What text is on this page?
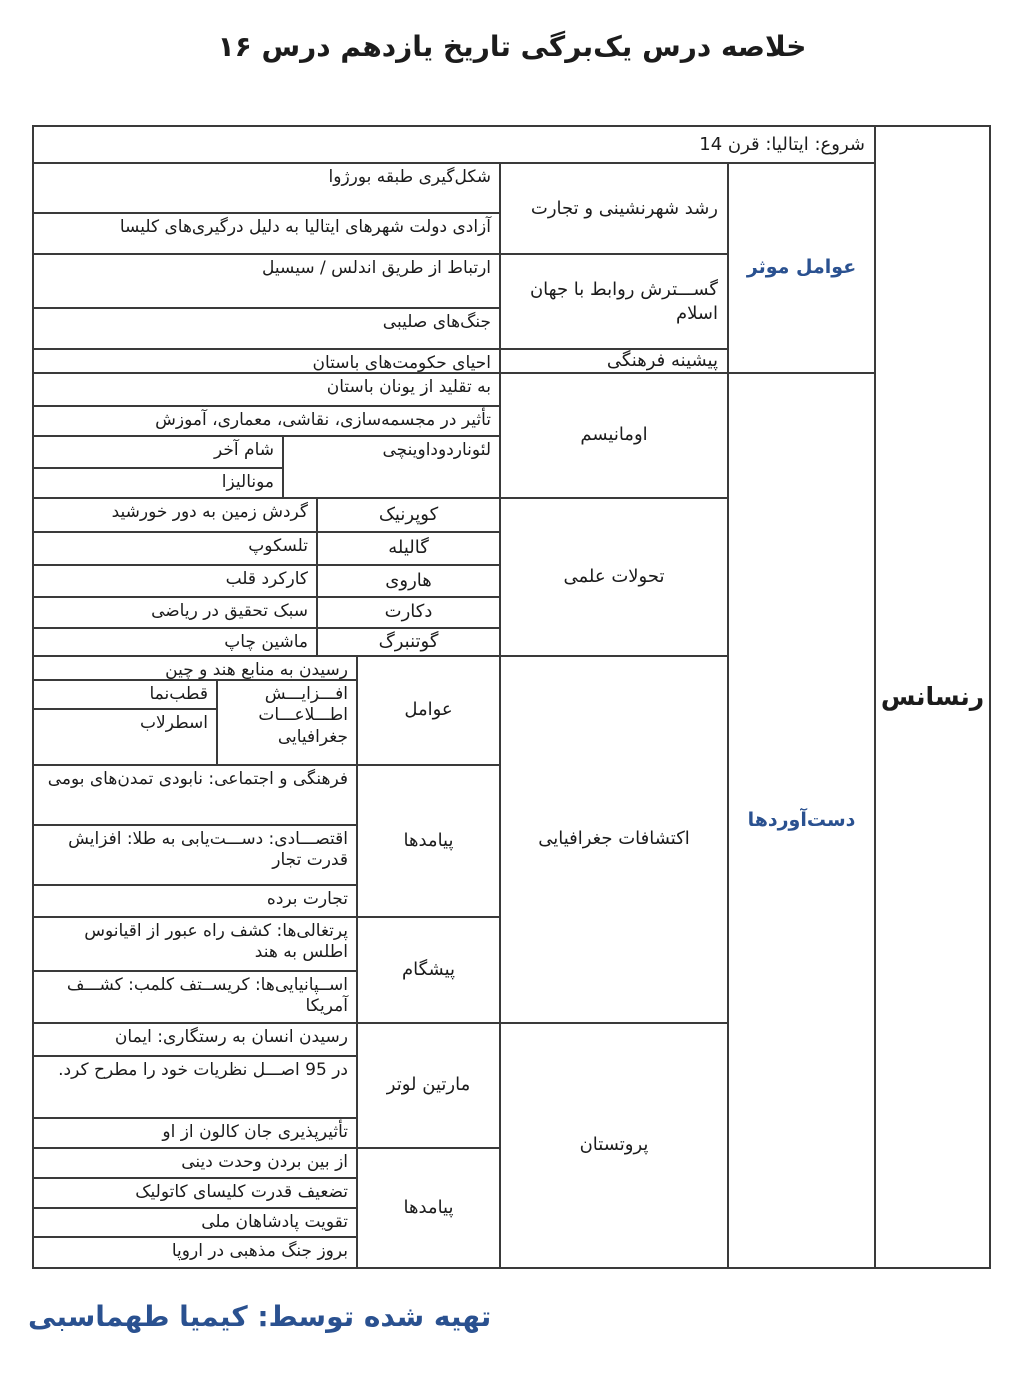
خلاصه درس یک‌برگی تاریخ یازدهم درس ۱۶
شروع: ایتالیا: قرن 14
رنسانس
عوامل موثر
دست‌آوردها
رشد شهرنشینی و تجارت
گســـترش روابط با جهان اسلام
پیشینه فرهنگی
اومانیسم
تحولات علمی
اکتشافات جغرافیایی
پروتستان
شکل‌گیری طبقه بورژوا
آزادی دولت شهرهای ایتالیا به دلیل درگیری‌های کلیسا
ارتباط از طریق اندلس / سیسیل
جنگ‌های صلیبی
احیای حکومت‌های باستان
به تقلید از یونان باستان
تأثیر در مجسمه‌سازی، نقاشی، معماری، آموزش
لئوناردوداوینچی
شام آخر
مونالیزا
کوپرنیک
گردش زمین به دور خورشید
گالیله
تلسکوپ
هاروی
کارکرد قلب
دکارت
سبک تحقیق در ریاضی
گوتنبرگ
ماشین چاپ
عوامل
رسیدن به منابع هند و چین
افـــزایـــش اطـــلاعـــات جغرافیایی
قطب‌نما
اسطرلاب
پیامدها
فرهنگی و اجتماعی: نابودی تمدن‌های بومی
اقتصـــادی: دســـت‌یابی به طلا: افزایش قدرت تجار
تجارت برده
پیشگام
پرتغالی‌ها: کشف راه عبور از اقیانوس اطلس به هند
اســپانیایی‌ها: کریســتف کلمب: کشـــف آمریکا
مارتین لوتر
رسیدن انسان به رستگاری: ایمان
در 95 اصـــل نظریات خود را مطرح کرد.
تأثیرپذیری جان کالون از او
پیامدها
از بین بردن وحدت دینی
تضعیف قدرت کلیسای کاتولیک
تقویت پادشاهان ملی
بروز جنگ مذهبی در اروپا
تهیه شده توسط: کیمیا طهماسبی
